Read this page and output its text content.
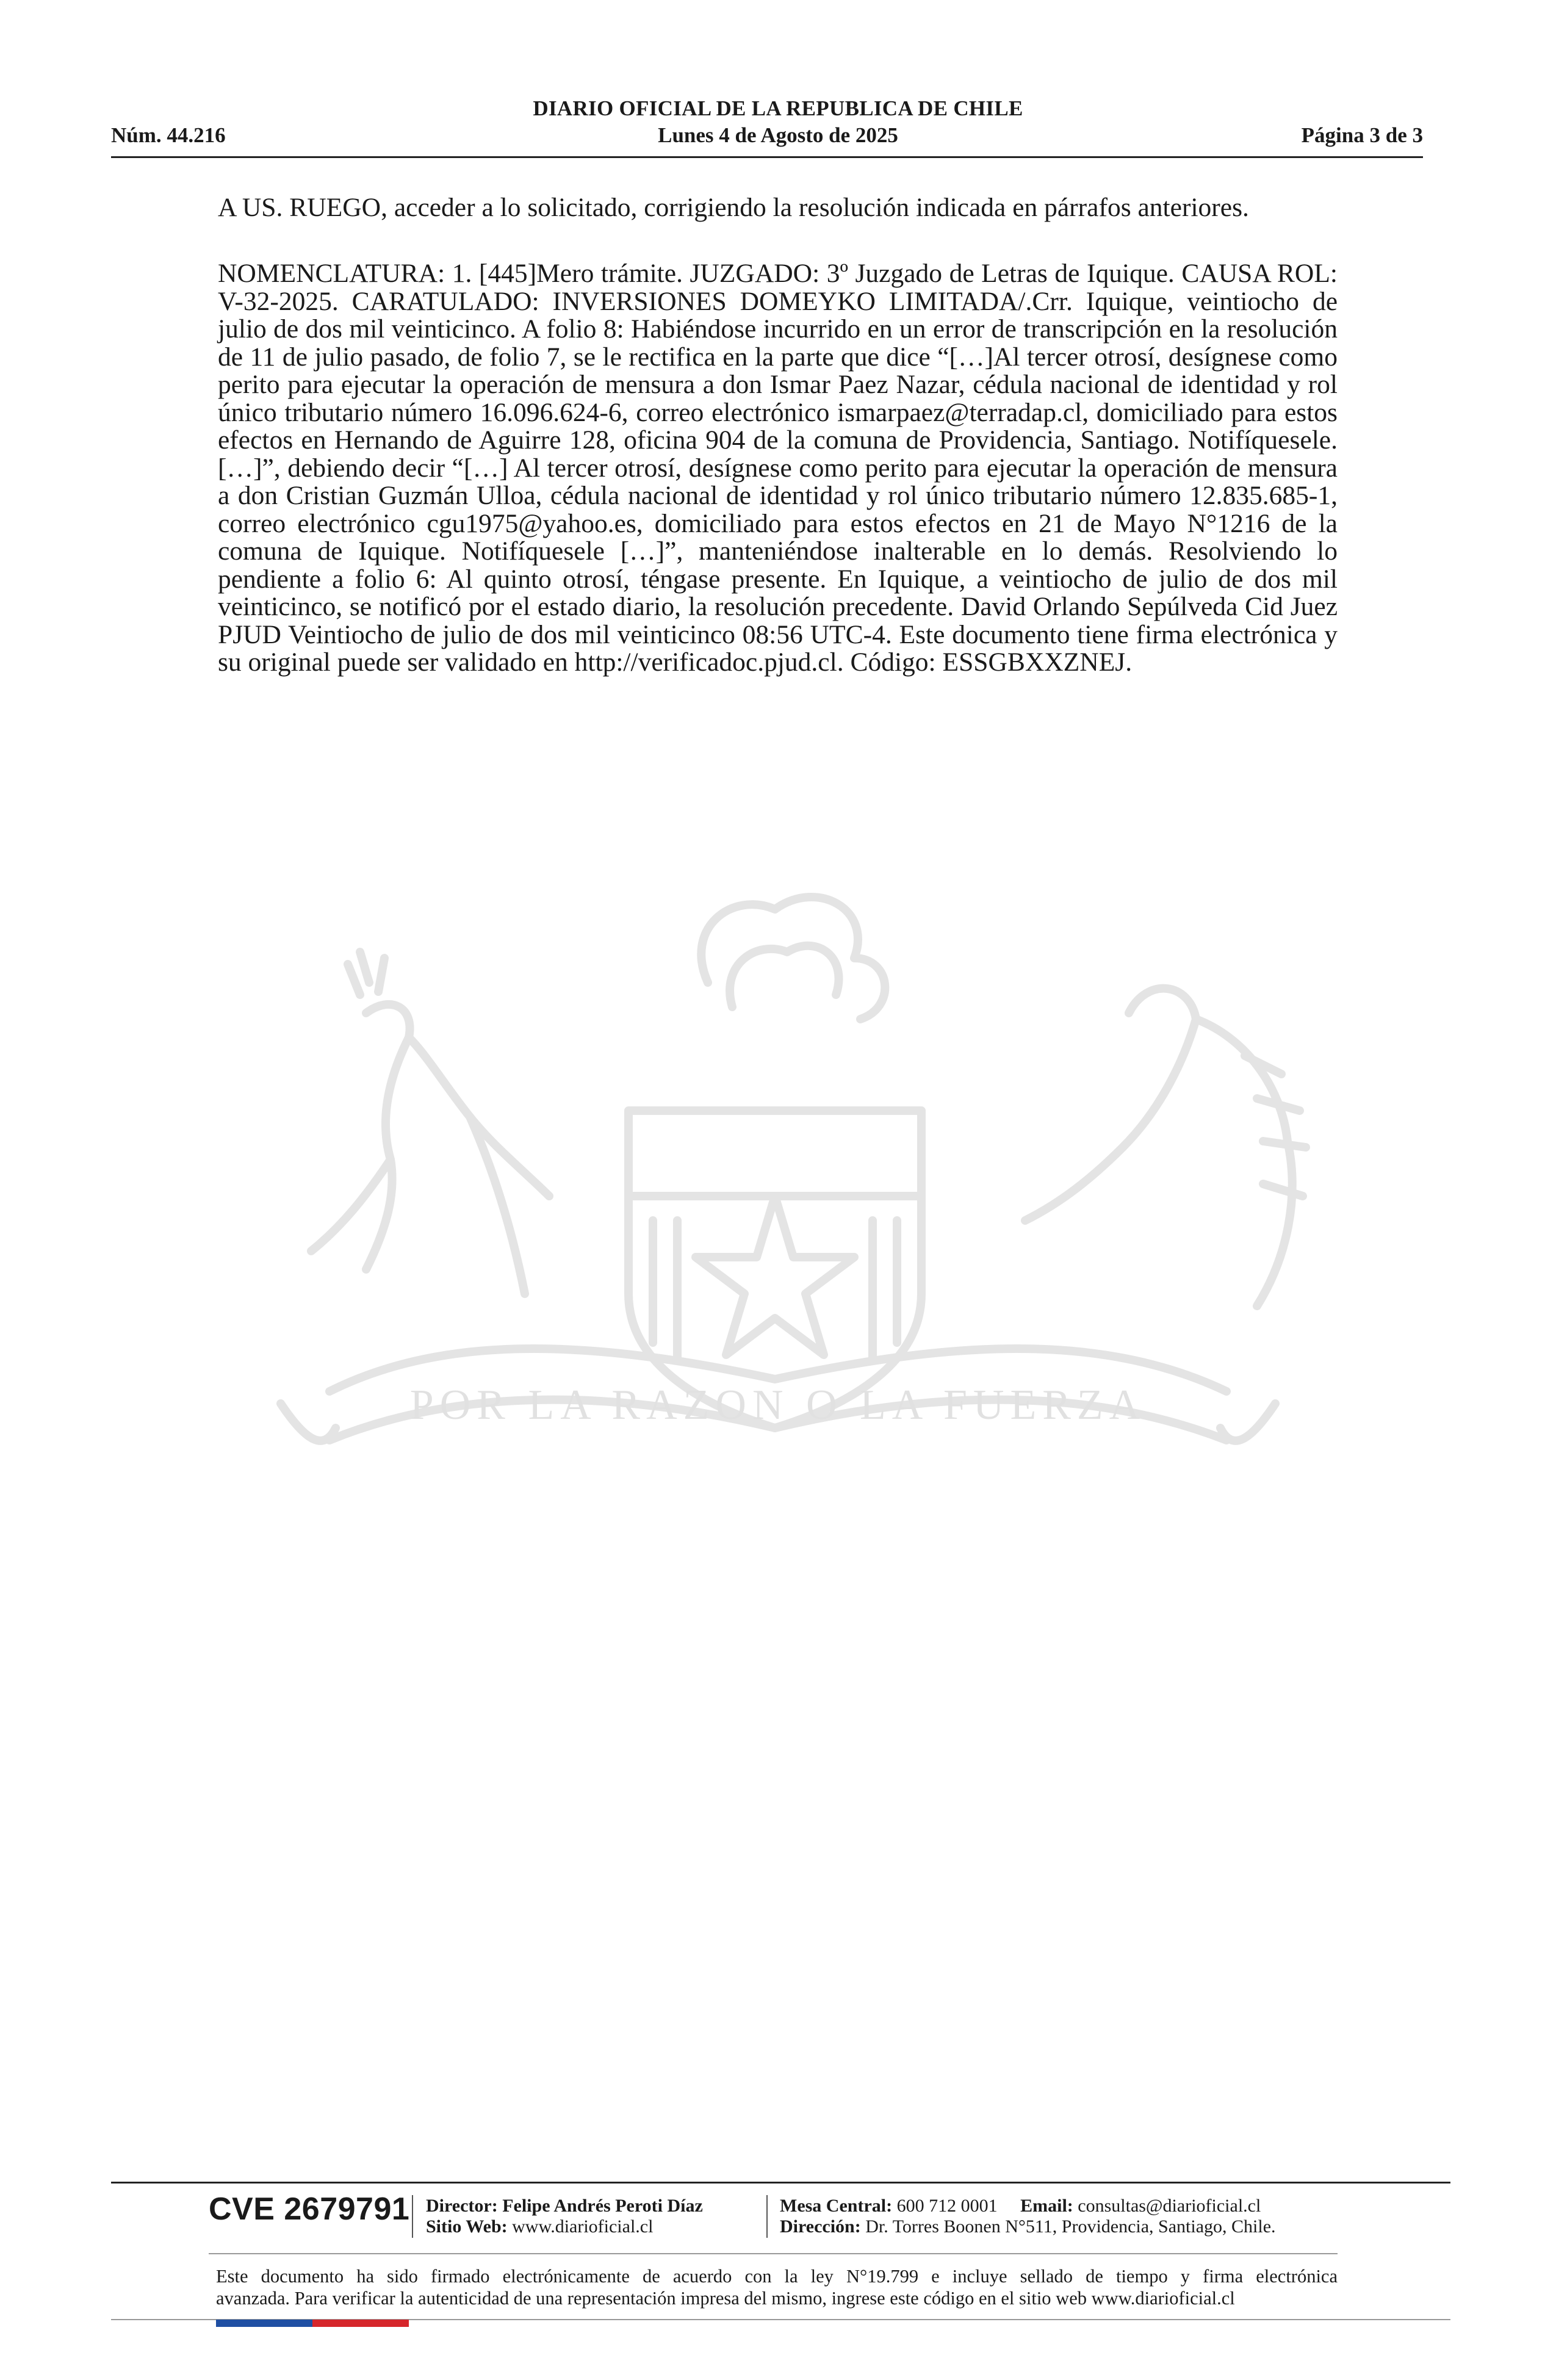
DIARIO OFICIAL DE LA REPUBLICA DE CHILE
Núm. 44.216	Lunes 4 de Agosto de 2025	Página 3 de 3
POR LA RAZON O LA FUERZA
A US. RUEGO, acceder a lo solicitado, corrigiendo la resolución indicada en párrafos anteriores.
NOMENCLATURA: 1. [445]Mero trámite. JUZGADO: 3º Juzgado de Letras de Iquique. CAUSA ROL: V-32-2025. CARATULADO: INVERSIONES DOMEYKO LIMITADA/.Crr. Iquique, veintiocho de julio de dos mil veinticinco. A folio 8: Habiéndose incurrido en un error de transcripción en la resolución de 11 de julio pasado, de folio 7, se le rectifica en la parte que dice “[…]Al tercer otrosí, desígnese como perito para ejecutar la operación de mensura a don Ismar Paez Nazar, cédula nacional de identidad y rol único tributario número 16.096.624-6, correo electrónico ismarpaez@terradap.cl, domiciliado para estos efectos en Hernando de Aguirre 128, oficina 904 de la comuna de Providencia, Santiago. Notifíquesele. […]”, debiendo decir “[…] Al tercer otrosí, desígnese como perito para ejecutar la operación de mensura a don Cristian Guzmán Ulloa, cédula nacional de identidad y rol único tributario número 12.835.685-1, correo electrónico cgu1975@yahoo.es, domiciliado para estos efectos en 21 de Mayo N°1216 de la comuna de Iquique. Notifíquesele […]”, manteniéndose inalterable en lo demás. Resolviendo lo pendiente a folio 6: Al quinto otrosí, téngase presente. En Iquique, a veintiocho de julio de dos mil veinticinco, se notificó por el estado diario, la resolución precedente. David Orlando Sepúlveda Cid Juez PJUD Veintiocho de julio de dos mil veinticinco 08:56 UTC-4. Este documento tiene firma electrónica y su original puede ser validado en http://verificadoc.pjud.cl. Código: ESSGBXXZNEJ.
CVE 2679791 Director: Felipe Andrés Peroti Díaz
Sitio Web: www.diarioficial.cl
Mesa Central: 600 712 0001 Email: consultas@diarioficial.cl
Dirección: Dr. Torres Boonen N°511, Providencia, Santiago, Chile.
Este documento ha sido firmado electrónicamente de acuerdo con la ley N°19.799 e incluye sellado de tiempo y firma electrónica
avanzada. Para verificar la autenticidad de una representación impresa del mismo, ingrese este código en el sitio web www.diarioficial.cl
